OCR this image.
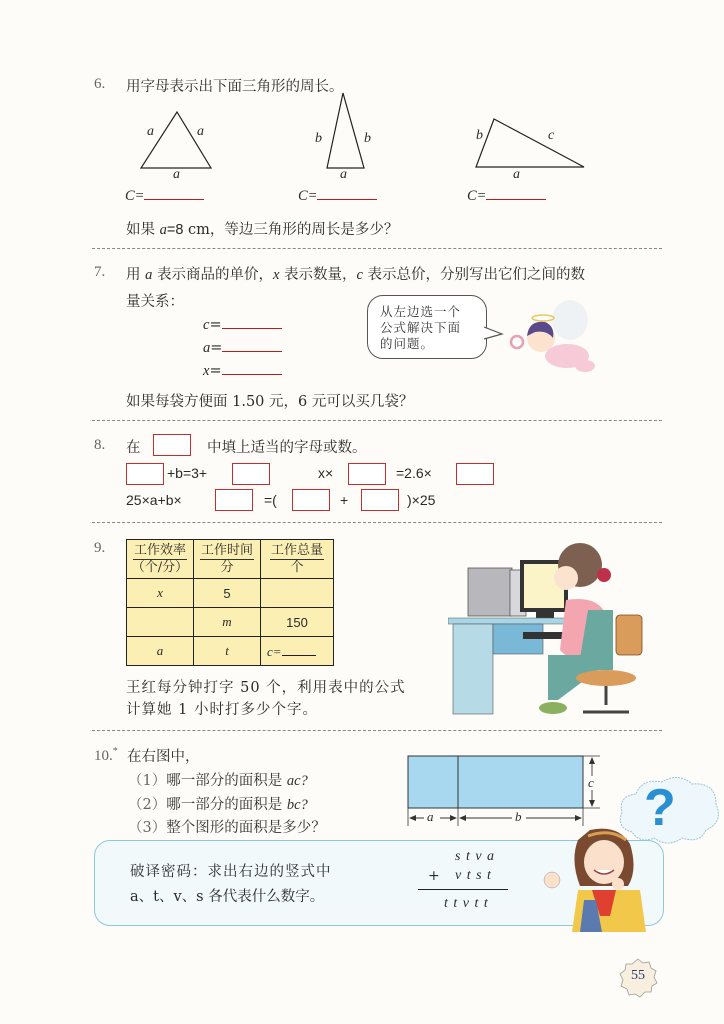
6. 用字母表示出下面三角形的周长。
a	a
a
C=
b	b
a
C=
b	c
a
C=
如果 a=8 cm，等边三角形的周长是多少？
7. 用 a 表示商品的单价，x 表示数量，c 表示总价，分别写出它们之间的数
量关系：
c=
a=
x=
从左边选一个
公式解决下面
的问题。
如果每袋方便面 1.50 元，6 元可以买几袋？
8. 在	中填上适当的字母或数。
+b=3+	x×	=2.6×
25×a+b×	=(	+	)×25
9. 工作效率
（个/分）	工作时间
分	工作总量
个
x	5	
	m	150
a	t	c=
王红每分钟打字 50 个，利用表中的公式
计算她 1 小时打多少个字。
10.* 在右图中，
（1）哪一部分的面积是 ac?
（2）哪一部分的面积是 bc?
（3）整个图形的面积是多少？
a	b
c ?
破译密码：求出右边的竖式中
a、t、v、s 各代表什么数字。
s t v a
+ v t s t
t t v t t
55
